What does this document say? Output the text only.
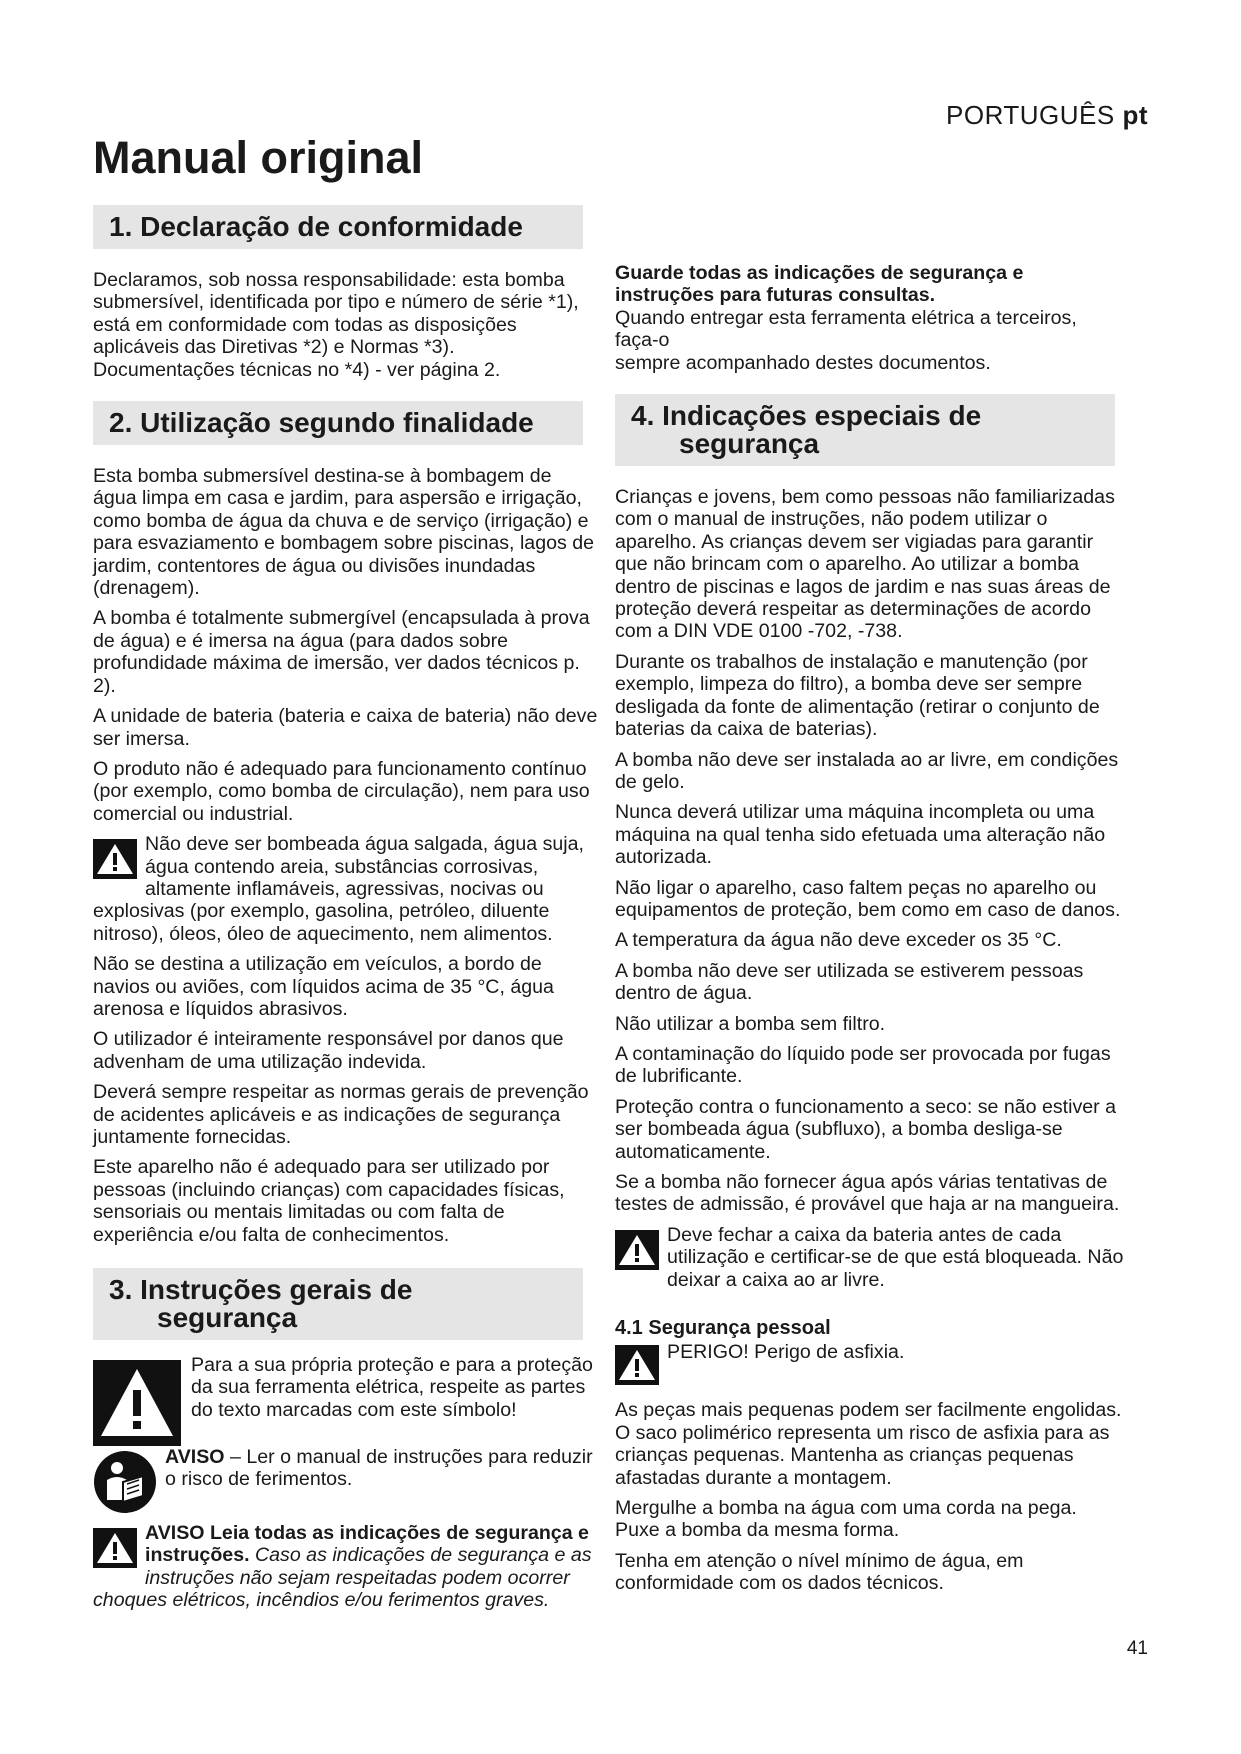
PORTUGUÊS pt
Manual original
1. Declaração de conformidade

Declaramos, sob nossa responsabilidade: esta bomba submersível, identificada por tipo e número de série *1), está em conformidade com todas as disposições aplicáveis das Diretivas *2) e Normas *3). Documentações técnicas no *4) - ver página 2.

2. Utilização segundo finalidade

Esta bomba submersível destina-se à bombagem de água limpa em casa e jardim, para aspersão e irrigação, como bomba de água da chuva e de serviço (irrigação) e para esvaziamento e bombagem sobre piscinas, lagos de jardim, contentores de água ou divisões inundadas (drenagem).

A bomba é totalmente submergível (encapsulada à prova de água) e é imersa na água (para dados sobre profundidade máxima de imersão, ver dados técnicos p. 2).

A unidade de bateria (bateria e caixa de bateria) não deve ser imersa.

O produto não é adequado para funcionamento contínuo (por exemplo, como bomba de circulação), nem para uso comercial ou industrial.

Não deve ser bombeada água salgada, água suja, água contendo areia, substâncias corrosivas, altamente inflamáveis, agressivas, nocivas ou explosivas (por exemplo, gasolina, petróleo, diluente nitroso), óleos, óleo de aquecimento, nem alimentos.

Não se destina a utilização em veículos, a bordo de navios ou aviões, com líquidos acima de 35 °C, água arenosa e líquidos abrasivos.

O utilizador é inteiramente responsável por danos que advenham de uma utilização indevida.

Deverá sempre respeitar as normas gerais de prevenção de acidentes aplicáveis e as indicações de segurança juntamente fornecidas.

Este aparelho não é adequado para ser utilizado por pessoas (incluindo crianças) com capacidades físicas, sensoriais ou mentais limitadas ou com falta de experiência e/ou falta de conhecimentos.

3. Instruções gerais de
segurança

Para a sua própria proteção e para a proteção da sua ferramenta elétrica, respeite as partes do texto marcadas com este símbolo!

AVISO – Ler o manual de instruções para reduzir o risco de ferimentos.

AVISO Leia todas as indicações de segurança e instruções. Caso as indicações de segurança e as instruções não sejam respeitadas podem ocorrer choques elétricos, incêndios e/ou ferimentos graves.

Guarde todas as indicações de segurança e instruções para futuras consultas.
Quando entregar esta ferramenta elétrica a terceiros, faça-o
sempre acompanhado destes documentos.

4. Indicações especiais de
segurança

Crianças e jovens, bem como pessoas não familiarizadas com o manual de instruções, não podem utilizar o aparelho. As crianças devem ser vigiadas para garantir que não brincam com o aparelho. Ao utilizar a bomba dentro de piscinas e lagos de jardim e nas suas áreas de proteção deverá respeitar as determinações de acordo com a DIN VDE 0100 -702, -738.

Durante os trabalhos de instalação e manutenção (por exemplo, limpeza do filtro), a bomba deve ser sempre desligada da fonte de alimentação (retirar o conjunto de baterias da caixa de baterias).

A bomba não deve ser instalada ao ar livre, em condições de gelo.

Nunca deverá utilizar uma máquina incompleta ou uma máquina na qual tenha sido efetuada uma alteração não autorizada.

Não ligar o aparelho, caso faltem peças no aparelho ou equipamentos de proteção, bem como em caso de danos.

A temperatura da água não deve exceder os 35 °C.

A bomba não deve ser utilizada se estiverem pessoas dentro de água.

Não utilizar a bomba sem filtro.

A contaminação do líquido pode ser provocada por fugas de lubrificante.

Proteção contra o funcionamento a seco: se não estiver a ser bombeada água (subfluxo), a bomba desliga-se automaticamente.

Se a bomba não fornecer água após várias tentativas de testes de admissão, é provável que haja ar na mangueira.

Deve fechar a caixa da bateria antes de cada utilização e certificar-se de que está bloqueada. Não deixar a caixa ao ar livre.

4.1 Segurança pessoal

PERIGO! Perigo de asfixia.

As peças mais pequenas podem ser facilmente engolidas. O saco polimérico representa um risco de asfixia para as crianças pequenas. Mantenha as crianças pequenas afastadas durante a montagem.

Mergulhe a bomba na água com uma corda na pega. Puxe a bomba da mesma forma.

Tenha em atenção o nível mínimo de água, em conformidade com os dados técnicos.

41
